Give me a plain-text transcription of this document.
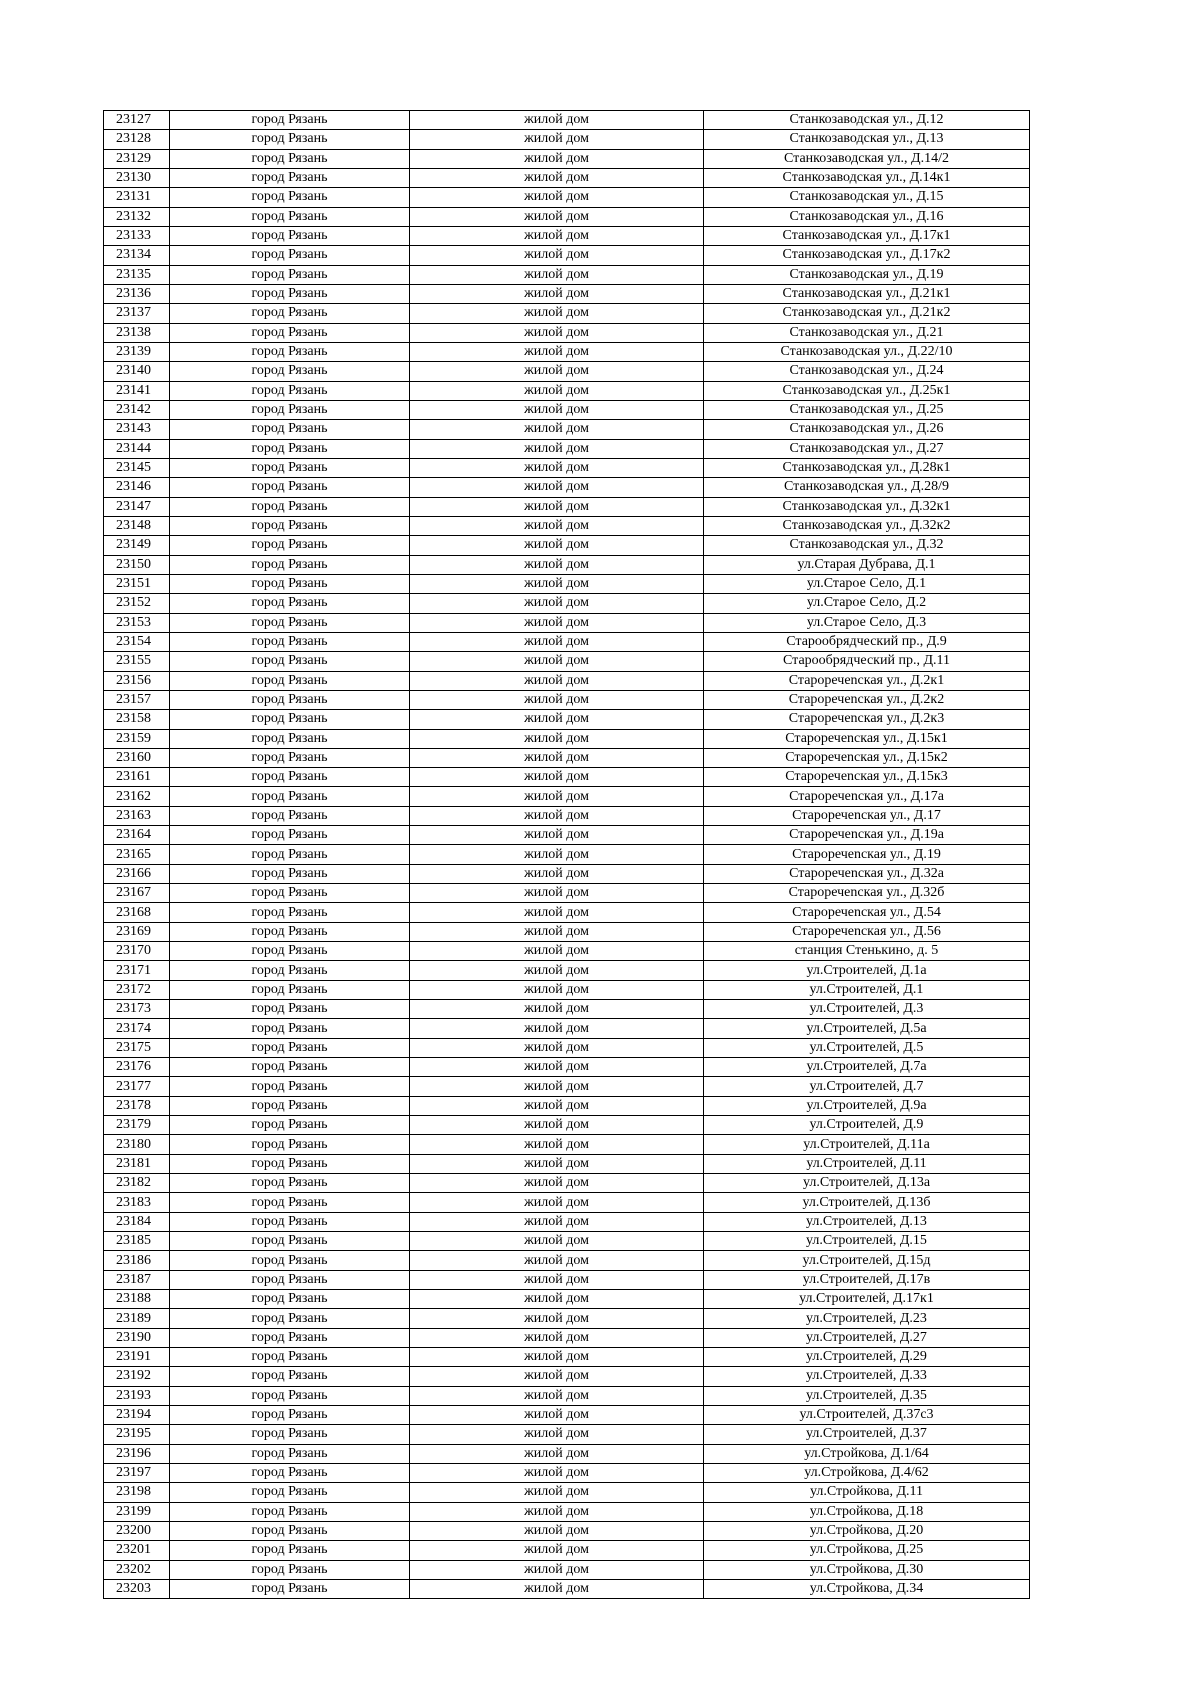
23127	город Рязань	жилой дом	Станкозаводская ул., Д.12
23128	город Рязань	жилой дом	Станкозаводская ул., Д.13
23129	город Рязань	жилой дом	Станкозаводская ул., Д.14/2
23130	город Рязань	жилой дом	Станкозаводская ул., Д.14к1
23131	город Рязань	жилой дом	Станкозаводская ул., Д.15
23132	город Рязань	жилой дом	Станкозаводская ул., Д.16
23133	город Рязань	жилой дом	Станкозаводская ул., Д.17к1
23134	город Рязань	жилой дом	Станкозаводская ул., Д.17к2
23135	город Рязань	жилой дом	Станкозаводская ул., Д.19
23136	город Рязань	жилой дом	Станкозаводская ул., Д.21к1
23137	город Рязань	жилой дом	Станкозаводская ул., Д.21к2
23138	город Рязань	жилой дом	Станкозаводская ул., Д.21
23139	город Рязань	жилой дом	Станкозаводская ул., Д.22/10
23140	город Рязань	жилой дом	Станкозаводская ул., Д.24
23141	город Рязань	жилой дом	Станкозаводская ул., Д.25к1
23142	город Рязань	жилой дом	Станкозаводская ул., Д.25
23143	город Рязань	жилой дом	Станкозаводская ул., Д.26
23144	город Рязань	жилой дом	Станкозаводская ул., Д.27
23145	город Рязань	жилой дом	Станкозаводская ул., Д.28к1
23146	город Рязань	жилой дом	Станкозаводская ул., Д.28/9
23147	город Рязань	жилой дом	Станкозаводская ул., Д.32к1
23148	город Рязань	жилой дом	Станкозаводская ул., Д.32к2
23149	город Рязань	жилой дом	Станкозаводская ул., Д.32
23150	город Рязань	жилой дом	ул.Старая Дубрава, Д.1
23151	город Рязань	жилой дом	ул.Старое Село, Д.1
23152	город Рязань	жилой дом	ул.Старое Село, Д.2
23153	город Рязань	жилой дом	ул.Старое Село, Д.3
23154	город Рязань	жилой дом	Старообрядческий пр., Д.9
23155	город Рязань	жилой дом	Старообрядческий пр., Д.11
23156	город Рязань	жилой дом	Староречеnская ул., Д.2к1
23157	город Рязань	жилой дом	Староречеnская ул., Д.2к2
23158	город Рязань	жилой дом	Староречеnская ул., Д.2к3
23159	город Рязань	жилой дом	Староречеnская ул., Д.15к1
23160	город Рязань	жилой дом	Староречеnская ул., Д.15к2
23161	город Рязань	жилой дом	Староречеnская ул., Д.15к3
23162	город Рязань	жилой дом	Староречеnская ул., Д.17а
23163	город Рязань	жилой дом	Староречеnская ул., Д.17
23164	город Рязань	жилой дом	Староречеnская ул., Д.19а
23165	город Рязань	жилой дом	Староречеnская ул., Д.19
23166	город Рязань	жилой дом	Староречеnская ул., Д.32а
23167	город Рязань	жилой дом	Староречеnская ул., Д.32б
23168	город Рязань	жилой дом	Староречеnская ул., Д.54
23169	город Рязань	жилой дом	Староречеnская ул., Д.56
23170	город Рязань	жилой дом	станция Стенькино, д. 5
23171	город Рязань	жилой дом	ул.Строителей, Д.1а
23172	город Рязань	жилой дом	ул.Строителей, Д.1
23173	город Рязань	жилой дом	ул.Строителей, Д.3
23174	город Рязань	жилой дом	ул.Строителей, Д.5а
23175	город Рязань	жилой дом	ул.Строителей, Д.5
23176	город Рязань	жилой дом	ул.Строителей, Д.7а
23177	город Рязань	жилой дом	ул.Строителей, Д.7
23178	город Рязань	жилой дом	ул.Строителей, Д.9а
23179	город Рязань	жилой дом	ул.Строителей, Д.9
23180	город Рязань	жилой дом	ул.Строителей, Д.11а
23181	город Рязань	жилой дом	ул.Строителей, Д.11
23182	город Рязань	жилой дом	ул.Строителей, Д.13а
23183	город Рязань	жилой дом	ул.Строителей, Д.13б
23184	город Рязань	жилой дом	ул.Строителей, Д.13
23185	город Рязань	жилой дом	ул.Строителей, Д.15
23186	город Рязань	жилой дом	ул.Строителей, Д.15д
23187	город Рязань	жилой дом	ул.Строителей, Д.17в
23188	город Рязань	жилой дом	ул.Строителей, Д.17к1
23189	город Рязань	жилой дом	ул.Строителей, Д.23
23190	город Рязань	жилой дом	ул.Строителей, Д.27
23191	город Рязань	жилой дом	ул.Строителей, Д.29
23192	город Рязань	жилой дом	ул.Строителей, Д.33
23193	город Рязань	жилой дом	ул.Строителей, Д.35
23194	город Рязань	жилой дом	ул.Строителей, Д.37с3
23195	город Рязань	жилой дом	ул.Строителей, Д.37
23196	город Рязань	жилой дом	ул.Стройкова, Д.1/64
23197	город Рязань	жилой дом	ул.Стройкова, Д.4/62
23198	город Рязань	жилой дом	ул.Стройкова, Д.11
23199	город Рязань	жилой дом	ул.Стройкова, Д.18
23200	город Рязань	жилой дом	ул.Стройкова, Д.20
23201	город Рязань	жилой дом	ул.Стройкова, Д.25
23202	город Рязань	жилой дом	ул.Стройкова, Д.30
23203	город Рязань	жилой дом	ул.Стройкова, Д.34
